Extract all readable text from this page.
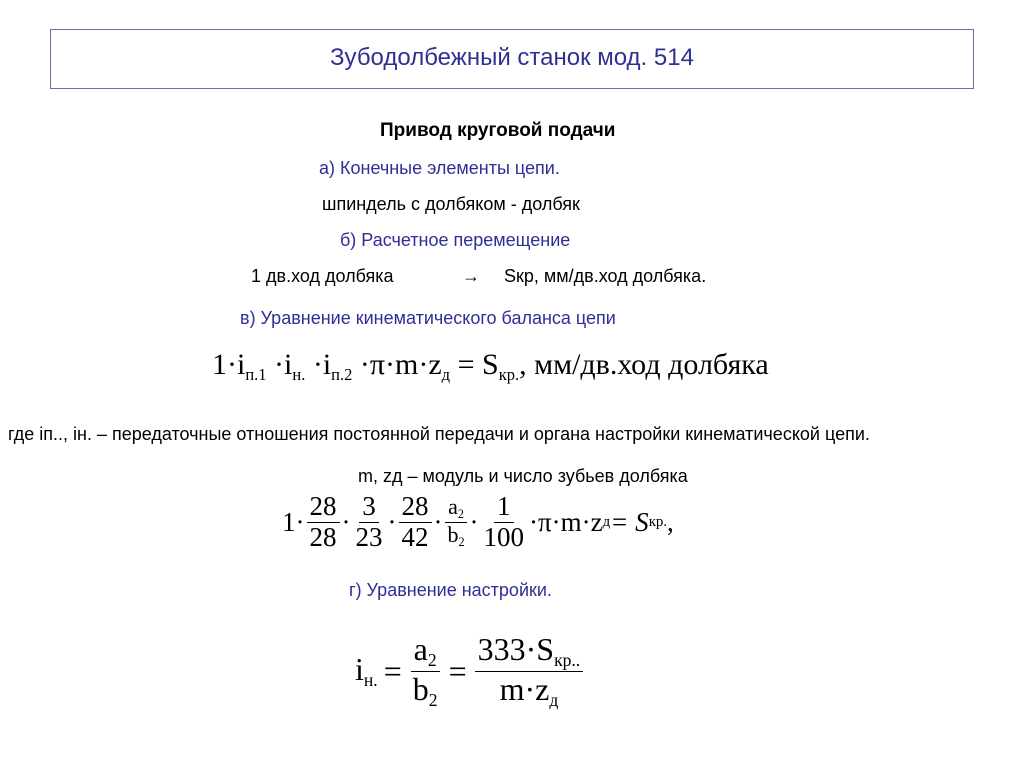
Зубодолбежный станок мод. 514
Привод круговой подачи
а) Конечные элементы цепи.
шпиндель с долбяком - долбяк
б) Расчетное перемещение
1 дв.ход долбяка	→ Sкр, мм/дв.ход долбяка.
в) Уравнение кинематического баланса цепи
$1\cdot i_{п.1} \cdot i_{н.} \cdot i_{п.2} \cdot\pi\cdot m\cdot z_д = S_{кр.}$, мм/дв.ход долбяка
где iп.., iн. – передаточные отношения постоянной передачи и органа настройки кинематической цепи.
m, zд – модуль и число зубьев долбяка
$1\cdot \frac{28}{28} \cdot \frac{3}{23} \cdot \frac{28}{42} \cdot \frac{a_2}{b_2} \cdot \frac{1}{100} \cdot\pi\cdot m\cdot z$ д = S кр. ,
г) Уравнение настройки.
$i_{н.} = \frac{a_2}{b_2} = \frac{333\cdot S_{кр..}}{m\cdot z_д}$
